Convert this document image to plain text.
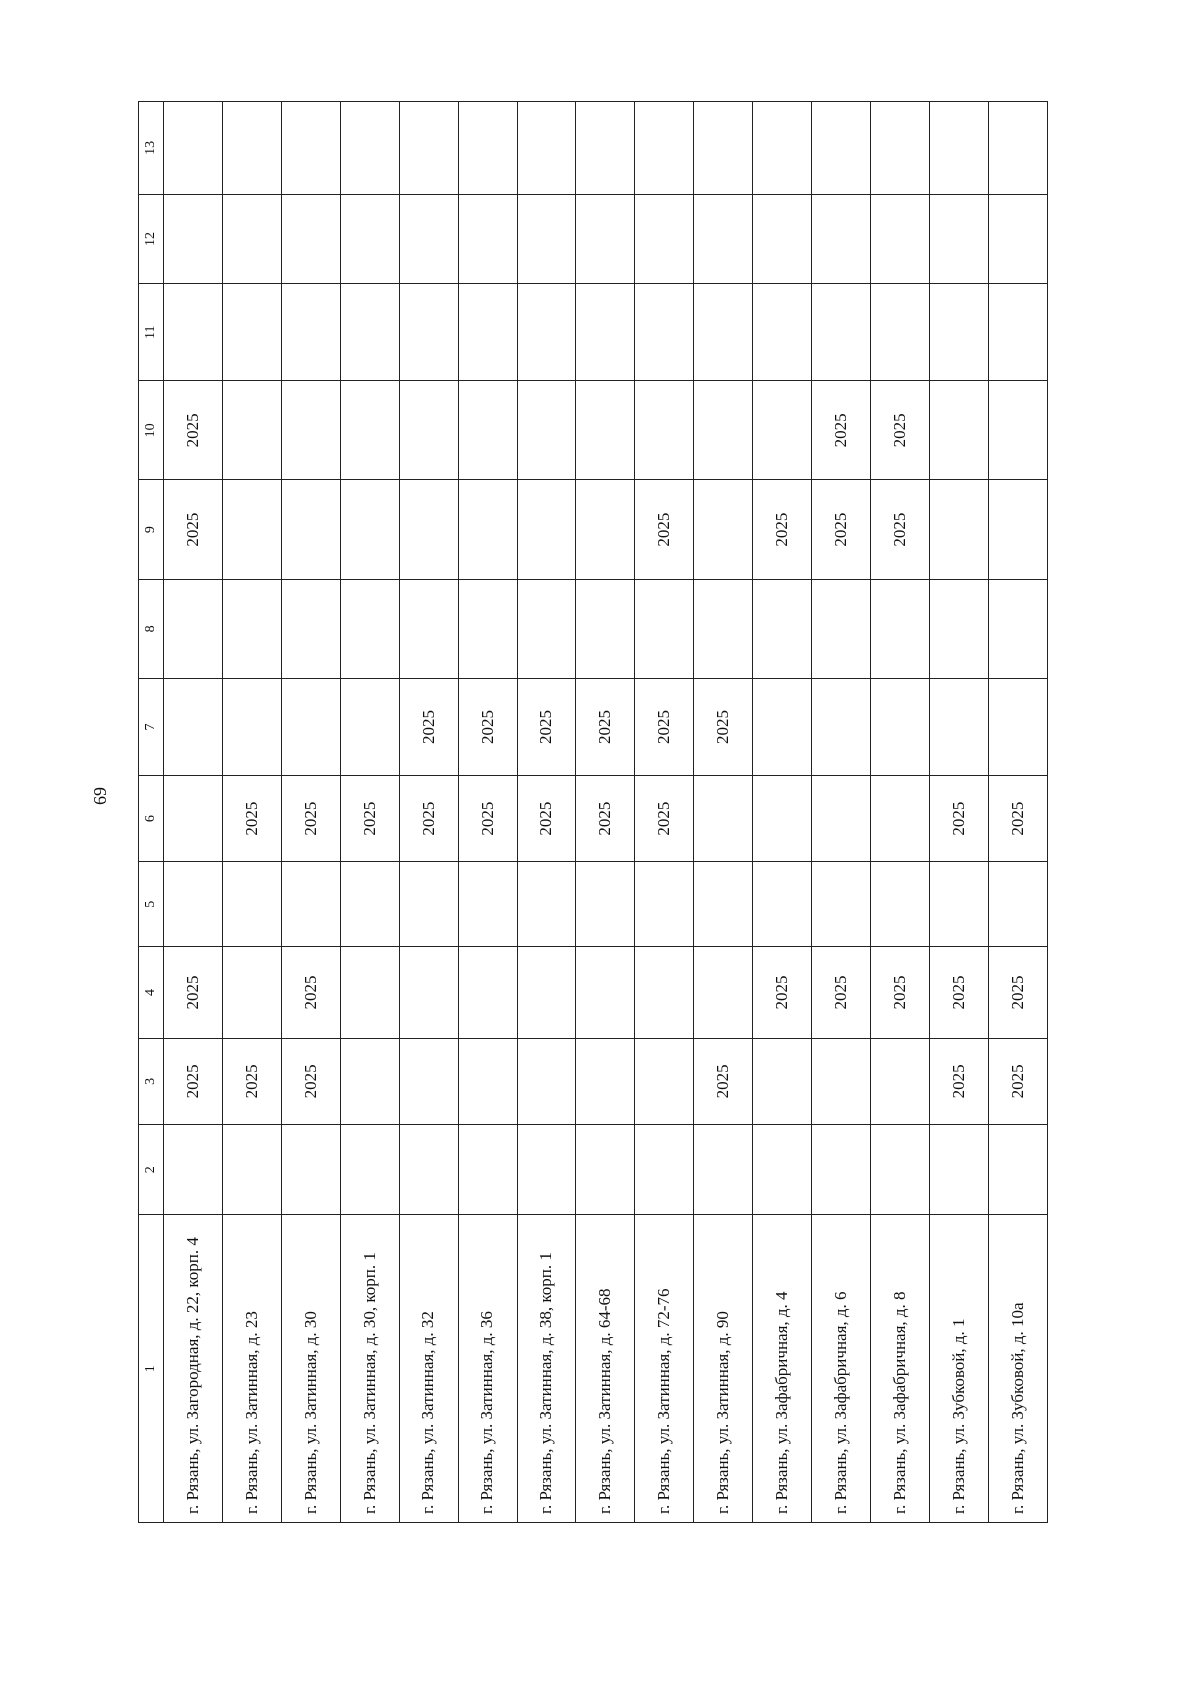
69
1	2	3	4	5	6	7	8	9	10	11	12	13
г. Рязань, ул. Загородная, д. 22, корп. 4		2025	2025					2025	2025			
г. Рязань, ул. Затинная, д. 23		2025			2025							
г. Рязань, ул. Затинная, д. 30		2025	2025		2025							
г. Рязань, ул. Затинная, д. 30, корп. 1					2025							
г. Рязань, ул. Затинная, д. 32					2025	2025						
г. Рязань, ул. Затинная, д. 36					2025	2025						
г. Рязань, ул. Затинная, д. 38, корп. 1					2025	2025						
г. Рязань, ул. Затинная, д. 64-68					2025	2025						
г. Рязань, ул. Затинная, д. 72-76					2025	2025		2025				
г. Рязань, ул. Затинная, д. 90		2025				2025						
г. Рязань, ул. Зафабричная, д. 4			2025					2025				
г. Рязань, ул. Зафабричная, д. 6			2025					2025	2025			
г. Рязань, ул. Зафабричная, д. 8			2025					2025	2025			
г. Рязань, ул. Зубковой, д. 1		2025	2025		2025							
г. Рязань, ул. Зубковой, д. 10а		2025	2025		2025							
